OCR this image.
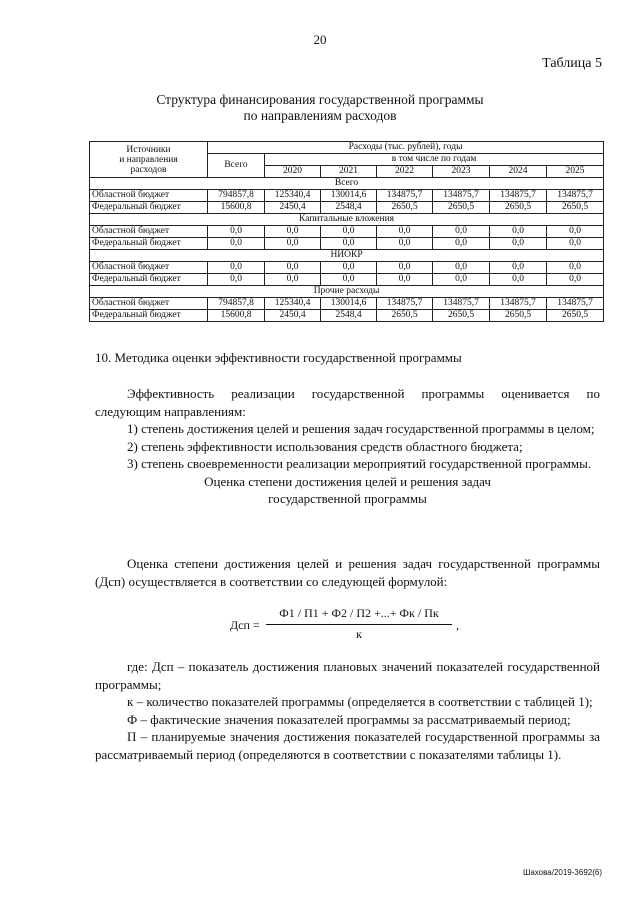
20
Таблица 5
Структура финансирования государственной программы
по направлениям расходов
Источники
и направления
расходов	Расходы (тыс. рублей), годы						
	Всего	в том числе по годам					
		2020	2021	2022	2023	2024	2025
Всего							
Областной бюджет	794857,8	125340,4	130014,6	134875,7	134875,7	134875,7	134875,7
Федеральный бюджет	15600,8	2450,4	2548,4	2650,5	2650,5	2650,5	2650,5
Капитальные вложения							
Областной бюджет	0,0	0,0	0,0	0,0	0,0	0,0	0,0
Федеральный бюджет	0,0	0,0	0,0	0,0	0,0	0,0	0,0
НИОКР							
Областной бюджет	0,0	0,0	0,0	0,0	0,0	0,0	0,0
Федеральный бюджет	0,0	0,0	0,0	0,0	0,0	0,0	0,0
Прочие расходы							
Областной бюджет	794857,8	125340,4	130014,6	134875,7	134875,7	134875,7	134875,7
Федеральный бюджет	15600,8	2450,4	2548,4	2650,5	2650,5	2650,5	2650,5
10. Методика оценки эффективности государственной программы

Эффективность реализации государственной программы оценивается по следующим направлениям:

1) степень достижения целей и решения задач государственной программы в целом;

2) степень эффективности использования средств областного бюджета;

3) степень своевременности реализации мероприятий государственной программы.

Оценка степени достижения целей и решения задач

государственной программы

Оценка степени достижения целей и решения задач государственной программы (Дсп) осуществляется в соответствии со следующей формулой:

Дсп =
Ф1 / П1 + Ф2 / П2 +...+ Фк / Пк
к
,

где: Дсп – показатель достижения плановых значений показателей государственной программы;

к – количество показателей программы (определяется в соответствии с таблицей 1);

Ф – фактические значения показателей программы за рассматриваемый период;

П – планируемые значения достижения показателей государственной программы за рассматриваемый период (определяются в соответствии с показателями таблицы 1).

Шахова/2019-3692(6)
